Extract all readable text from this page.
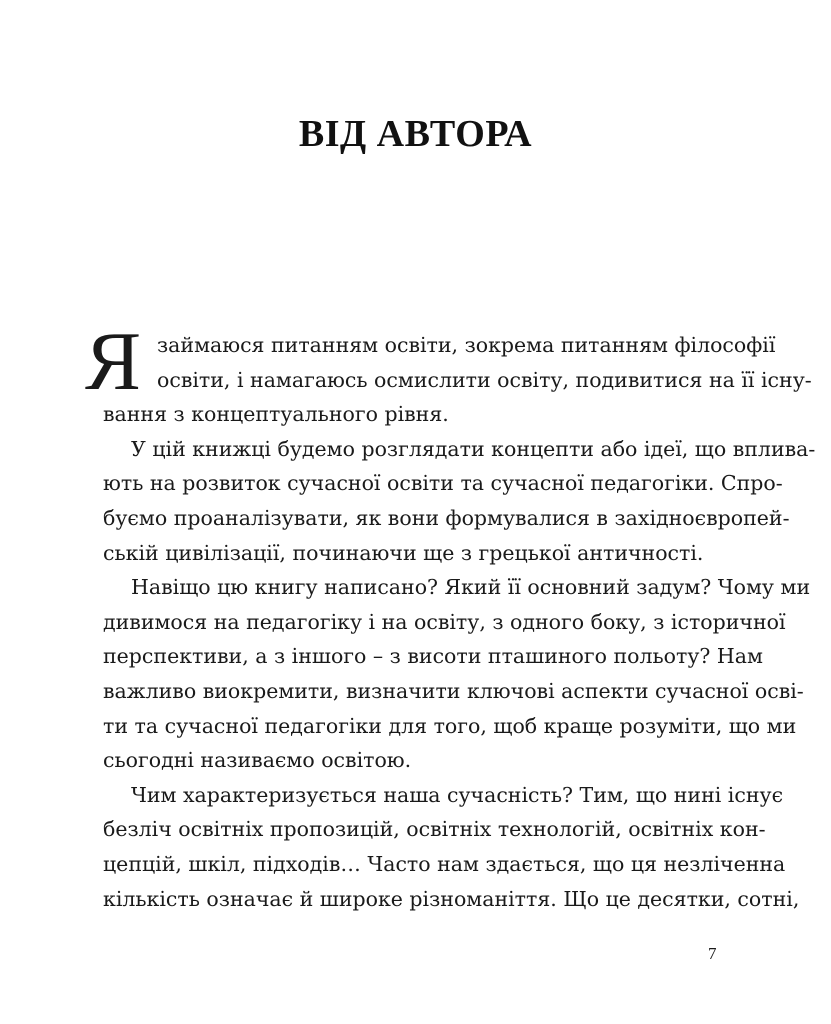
ВІД АВТОРА
Я займаюся питанням освіти, зокрема питанням філософії
освіти, і намагаюсь осмислити освіту, подивитися на її існу-
вання з концептуального рівня.
У цій книжці будемо розглядати концепти або ідеї, що вплива-
ють на розвиток сучасної освіти та сучасної педагогіки. Спро-
буємо проаналізувати, як вони формувалися в західноєвропей-
ській цивілізації, починаючи ще з грецької античності.
Навіщо цю книгу написано? Який її основний задум? Чому ми
дивимося на педагогіку і на освіту, з одного боку, з історичної
перспективи, а з іншого – з висоти пташиного польоту? Нам
важливо виокремити, визначити ключові аспекти сучасної осві-
ти та сучасної педагогіки для того, щоб краще розуміти, що ми
сьогодні називаємо освітою.
Чим характеризується наша сучасність? Тим, що нині існує
безліч освітніх пропозицій, освітніх технологій, освітніх кон-
цепцій, шкіл, підходів… Часто нам здається, що ця незліченна
кількість означає й широке різноманіття. Що це десятки, сотні,
7
